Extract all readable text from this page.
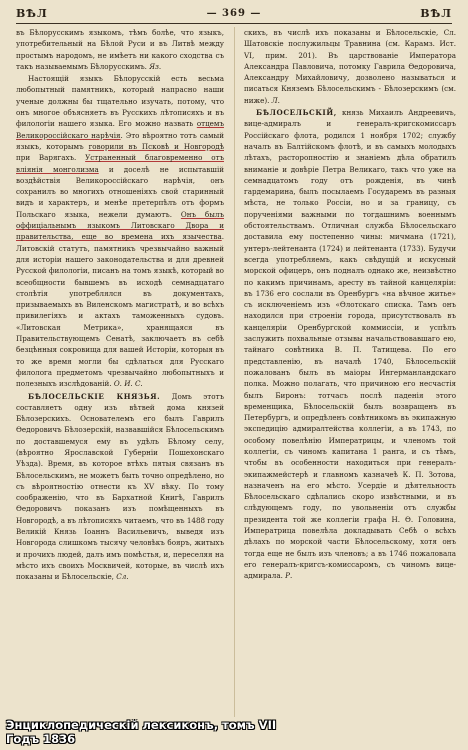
ВѢЛ	— 369 —	ВѢЛ

въ Бѣлорусскимъ языкомъ, тѣмъ болѣе, что языкъ, употребительный на Бѣлой Руси и въ Литвѣ между простымъ народомъ, не имѣетъ ни какого сходства съ такъ называемымъ Бѣлорусскимъ. Яз.

Настоящій языкъ Бѣлорусскій есть весьма любопытный памятникъ, который напрасно наши ученые должны бы тщательно изучать, потому, что онъ многое объясняетъ въ Русскихъ лѣтописяхъ и въ филологіи нашего языка. Его можно назвать отцемъ Великороссійскаго нарѣчія. Это вѣроятно тотъ самый языкъ, которымъ говорили въ Псковѣ и Новгородѣ при Варягахъ. Устраненный благовременно отъ вліянія монголизма и доселѣ не испытавшій воздѣйствія Великороссійскаго нарѣчія, онъ сохранилъ во многихъ отношеніяхъ свой старинный видъ и характеръ, и менѣе претерпѣлъ отъ формъ Польскаго языка, нежели думаютъ. Онъ былъ оффиціальнымъ языкомъ Литовскаго Двора и правительства, еще во времена ихъ язычества. Литовскій статутъ, памятникъ чрезвычайно важный для исторіи нашего законодательства и для древней Русской филологіи, писанъ на томъ языкѣ, который во всеобщности бывшемъ въ исходѣ семнадцатаго столѣтія употреблялся въ документахъ, призываемыхъ въ Виленскомъ магистратѣ, и во всѣхъ привилегіяхъ и актахъ таможенныхъ судовъ. «Литовская Метрика», хранящаяся въ Правительствующемъ Сенатѣ, заключаетъ въ себѣ безцѣнныя сокровища для вашей Исторіи, которыя въ то же время могли бы сдѣлаться для Русскаго филолога предметомъ чрезвычайно любопытныхъ и полезныхъ изслѣдованій. О. И. С.

БѢЛОСЕЛЬСКІЕ КНЯЗЬЯ. Домъ этотъ составляетъ одну изъ вѣтвей дома князей Бѣлозерскихъ. Основателемъ его былъ Гаврилъ Ѳедоровичъ Бѣлозерскій, назвавшійся Бѣлосельскимъ по доставшемуся ему въ удѣлъ Бѣлому селу, (вѣроятно Ярославской Губерніи Пошехонскаго Уѣзда). Время, въ которое втѣхъ пятыя связанъ въ Бѣлосельскимъ, не можетъ быть точно опредѣлено, но съ вѣроятностію отнести къ XV вѣку. По тому соображенію, что въ Бархатной Книгѣ, Гаврилъ Ѳедоровичъ показанъ изъ помѣщенныхъ въ Новгородѣ, а въ лѣтописяхъ читаемъ, что въ 1488 году Великій Князь Іоаннъ Васильевичъ, выведя изъ Новгорода слишкомъ тысячу человѣкъ бояръ, житыхъ и прочихъ людей, далъ имъ помѣстья, и, переселяя на мѣсто ихъ своихъ Москвичей, которые, въ числѣ ихъ показаны и Бѣлосельскіе, Сл.

скихъ, въ числѣ ихъ показаны и Бѣлосельскіе, Сл. Шатовскіе послужильцы Травнина (см. Карамз. Ист. VI, прим. 201). Въ царствованіе Императора Александра Павловича, потомку Гаврила Ѳедоровича, Александру Михайловичу, дозволено называться и писаться Княземъ Бѣлосельскимъ - Бѣлозерскимъ (см. ниже). Л.

БѢЛОСЕЛЬСКІЙ, князь Михаилъ Андреевичъ, вице-адмиралъ и генералъ-кригскомиссаръ Россійскаго флота, родился 1 ноября 1702; службу началъ въ Балтійскомъ флотѣ, и въ самыхъ молодыхъ лѣтахъ, расторопностію и знаніемъ дѣла обратилъ вниманіе и довѣріе Петра Великаго, такъ что уже на семнадцатомъ году отъ рожденія, въ чинѣ гардемарина, былъ посылаемъ Государемъ въ разныя мѣста, не только Россіи, но и за границу, съ порученіями важными по тогдашнимъ военнымъ обстоятельствамъ. Отличная служба Бѣлосельскаго доставила ему постепенно чины: мичмана (1721), унтеръ-лейтенанта (1724) и лейтенанта (1733). Будучи всегда употребляемъ, какъ свѣдущій и искусный морской офицеръ, онъ подналъ однако же, неизвѣстно по какимъ причинамъ, аресту въ тайной канцеляріи: въ 1736 его сослали въ Оренбургъ «на вѣчное житье» съ исключеніемъ изъ «Ѳлотскаго списка. Тамъ онъ находился при строеніи города, присутствовалъ въ канцеляріи Оренбургской коммиссіи, и успѣлъ заслужить похвальные отзывы начальствовавшаго ею, тайнаго совѣтника В. П. Татищева. По его представленію, въ началѣ 1740, Бѣлосельскій пожалованъ былъ въ маіоры Ингерманландскаго полка. Можно полагать, что причиною его несчастія былъ Биронъ: тотчасъ послѣ паденія этого временщика, Бѣлосельскій былъ возвращенъ въ Петербургъ, и опредѣленъ совѣтникомъ въ экипажную экспедицію адмиралтейства коллегіи, а въ 1743, по особому повелѣнію Императрицы, и членомъ той коллегіи, съ чиномъ капитана 1 ранга, и съ тѣмъ, чтобы въ особенности находиться при генералъ-экипажмейстерѣ и главномъ казначеѣ К. П. Зотова, назначенъ на его мѣсто. Усердіе и дѣятельность Бѣлосельскаго сдѣлались скоро извѣстными, и въ слѣдующемъ году, по увольненіи отъ службы президента той же коллегіи графа Н. Ѳ. Головина, Императрица повелѣла докладывать Себѣ о всѣхъ дѣлахъ по морской части Бѣлосельскому, хотя онъ тогда еще не былъ изъ членовъ; а въ 1746 пожаловала его генералъ-кригсъ-комиссаромъ, съ чиномъ вице-адмирала. Р.

Энциклопедическій лексиконъ, томъ VII
Годъ 1836
